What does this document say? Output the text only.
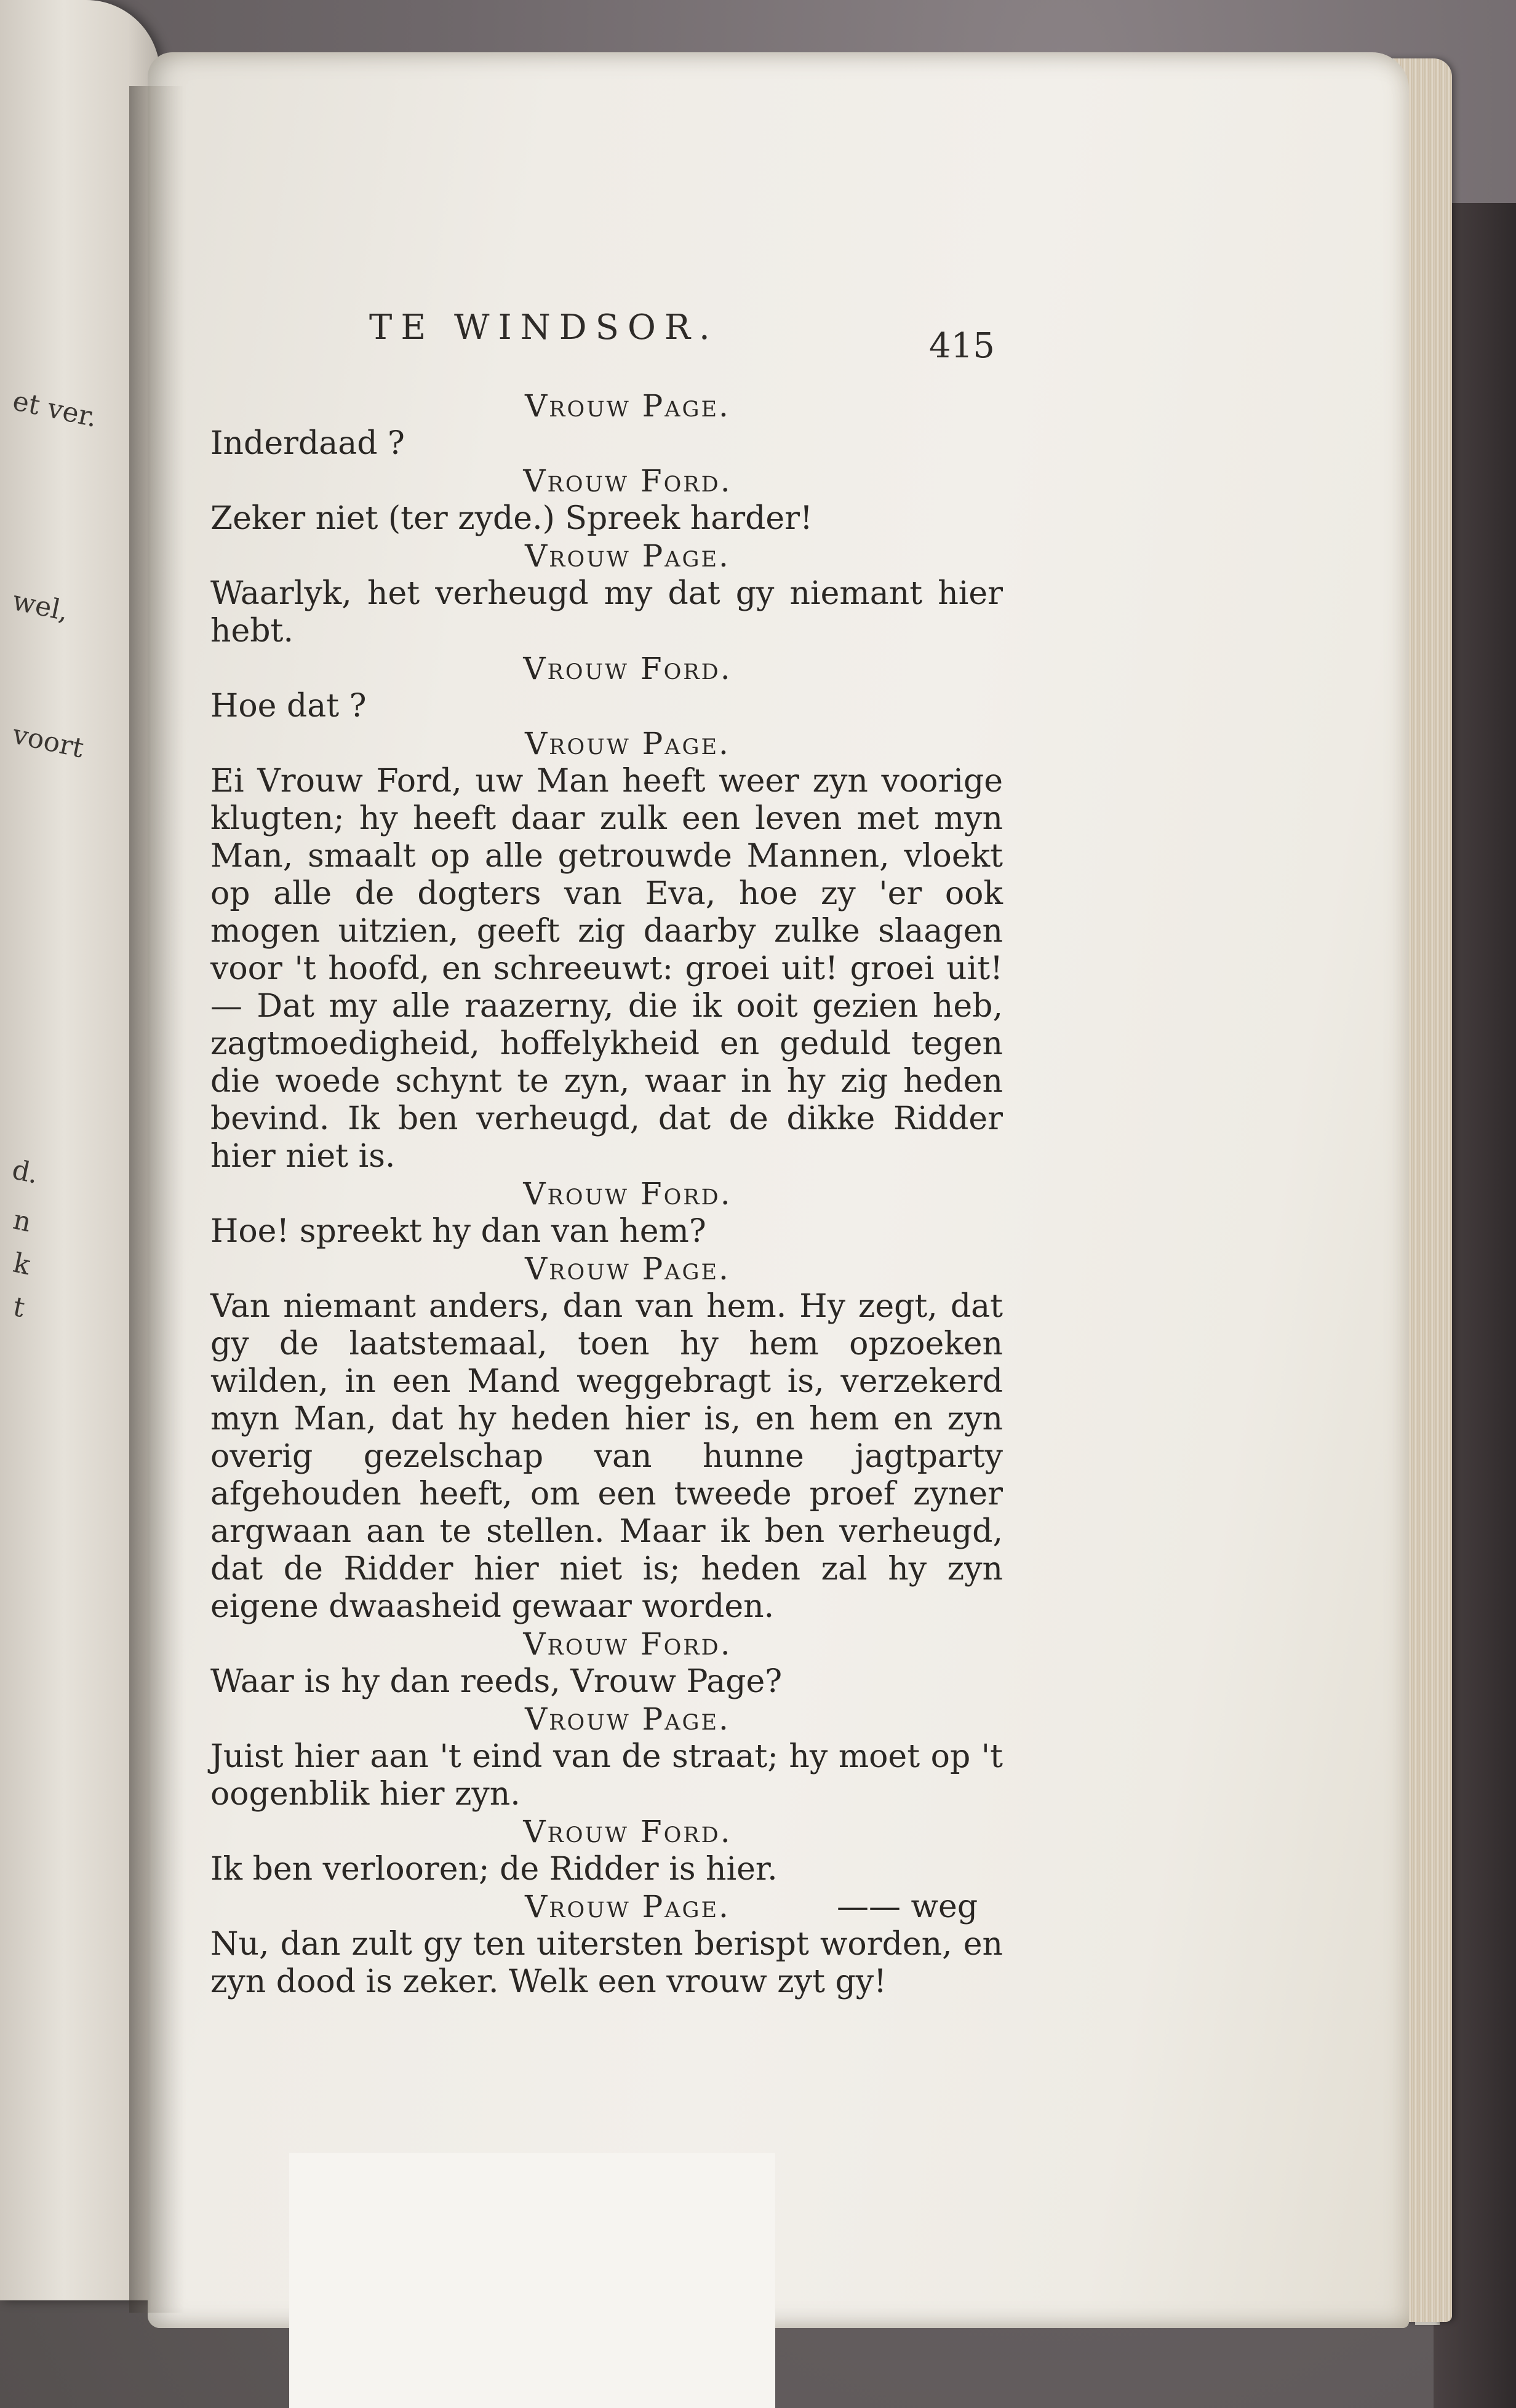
et ver.
wel,
voort
d.
n
k
t
TE WINDSOR.	415
Vrouw Page.
Inderdaad ?
Vrouw Ford.
Zeker niet (ter zyde.) Spreek harder!
Vrouw Page.
Waarlyk, het verheugd my dat gy niemant hier hebt.
Vrouw Ford.
Hoe dat ?
Vrouw Page.
Ei Vrouw Ford, uw Man heeft weer zyn voorige klugten; hy heeft daar zulk een leven met myn Man, smaalt op alle getrouwde Mannen, vloekt op alle de dogters van Eva, hoe zy 'er ook mogen uitzien, geeft zig daarby zulke slaagen voor 't hoofd, en schreeuwt: groei uit! groei uit! — Dat my alle raazerny, die ik ooit gezien heb, zagtmoedigheid, hoffelykheid en geduld tegen die woede schynt te zyn, waar in hy zig heden bevind. Ik ben verheugd, dat de dikke Ridder hier niet is.
Vrouw Ford.
Hoe! spreekt hy dan van hem?
Vrouw Page.
Van niemant anders, dan van hem. Hy zegt, dat gy de laatstemaal, toen hy hem opzoeken wilden, in een Mand weggebragt is, verzekerd myn Man, dat hy heden hier is, en hem en zyn overig gezelschap van hunne jagtparty afgehouden heeft, om een tweede proef zyner argwaan aan te stellen. Maar ik ben verheugd, dat de Ridder hier niet is; heden zal hy zyn eigene dwaasheid gewaar worden.
Vrouw Ford.
Waar is hy dan reeds, Vrouw Page?
Vrouw Page.
Juist hier aan 't eind van de straat; hy moet op 't oogenblik hier zyn.
Vrouw Ford.
Ik ben verlooren; de Ridder is hier.
Vrouw Page.
Nu, dan zult gy ten uitersten berispt worden, en zyn dood is zeker. Welk een vrouw zyt gy!
—— weg
